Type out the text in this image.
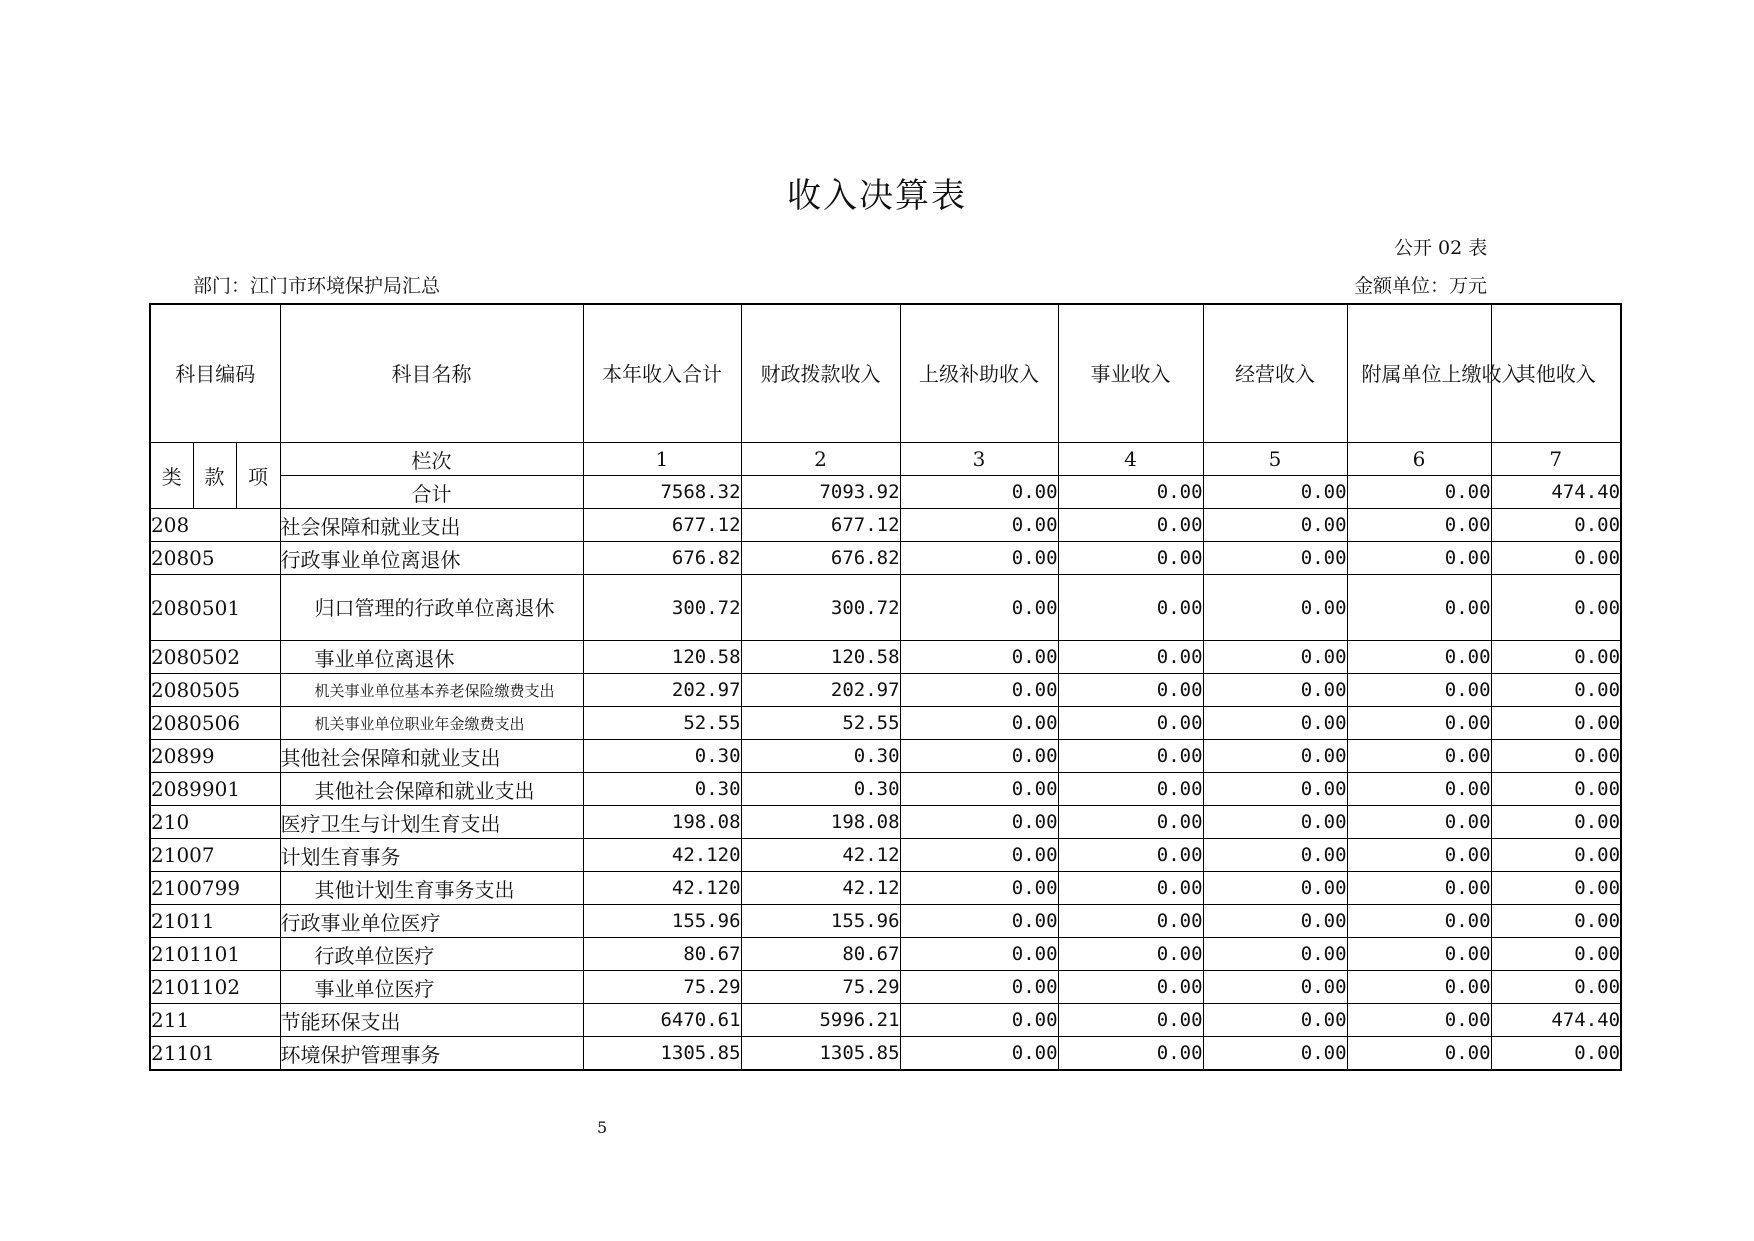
收入决算表
公开 02 表
部门：江门市环境保护局汇总	金额单位：万元
科目编码			科目名称	本年收入合计	财政拨款收入	上级补助收入	事业收入	经营收入	附属单位上缴收入	其他收入
类	款	项	栏次	1	2	3	4	5	6	7
			合计	7568.32	7093.92	0.00	0.00	0.00	0.00	474.40
208			社会保障和就业支出	677.12	677.12	0.00	0.00	0.00	0.00	0.00
20805			行政事业单位离退休	676.82	676.82	0.00	0.00	0.00	0.00	0.00
2080501			归口管理的行政单位离退休	300.72	300.72	0.00	0.00	0.00	0.00	0.00
2080502			事业单位离退休	120.58	120.58	0.00	0.00	0.00	0.00	0.00
2080505			机关事业单位基本养老保险缴费支出	202.97	202.97	0.00	0.00	0.00	0.00	0.00
2080506			机关事业单位职业年金缴费支出	52.55	52.55	0.00	0.00	0.00	0.00	0.00
20899			其他社会保障和就业支出	0.30	0.30	0.00	0.00	0.00	0.00	0.00
2089901			其他社会保障和就业支出	0.30	0.30	0.00	0.00	0.00	0.00	0.00
210			医疗卫生与计划生育支出	198.08	198.08	0.00	0.00	0.00	0.00	0.00
21007			计划生育事务	42.120	42.12	0.00	0.00	0.00	0.00	0.00
2100799			其他计划生育事务支出	42.120	42.12	0.00	0.00	0.00	0.00	0.00
21011			行政事业单位医疗	155.96	155.96	0.00	0.00	0.00	0.00	0.00
2101101			行政单位医疗	80.67	80.67	0.00	0.00	0.00	0.00	0.00
2101102			事业单位医疗	75.29	75.29	0.00	0.00	0.00	0.00	0.00
211			节能环保支出	6470.61	5996.21	0.00	0.00	0.00	0.00	474.40
21101			环境保护管理事务	1305.85	1305.85	0.00	0.00	0.00	0.00	0.00
5
